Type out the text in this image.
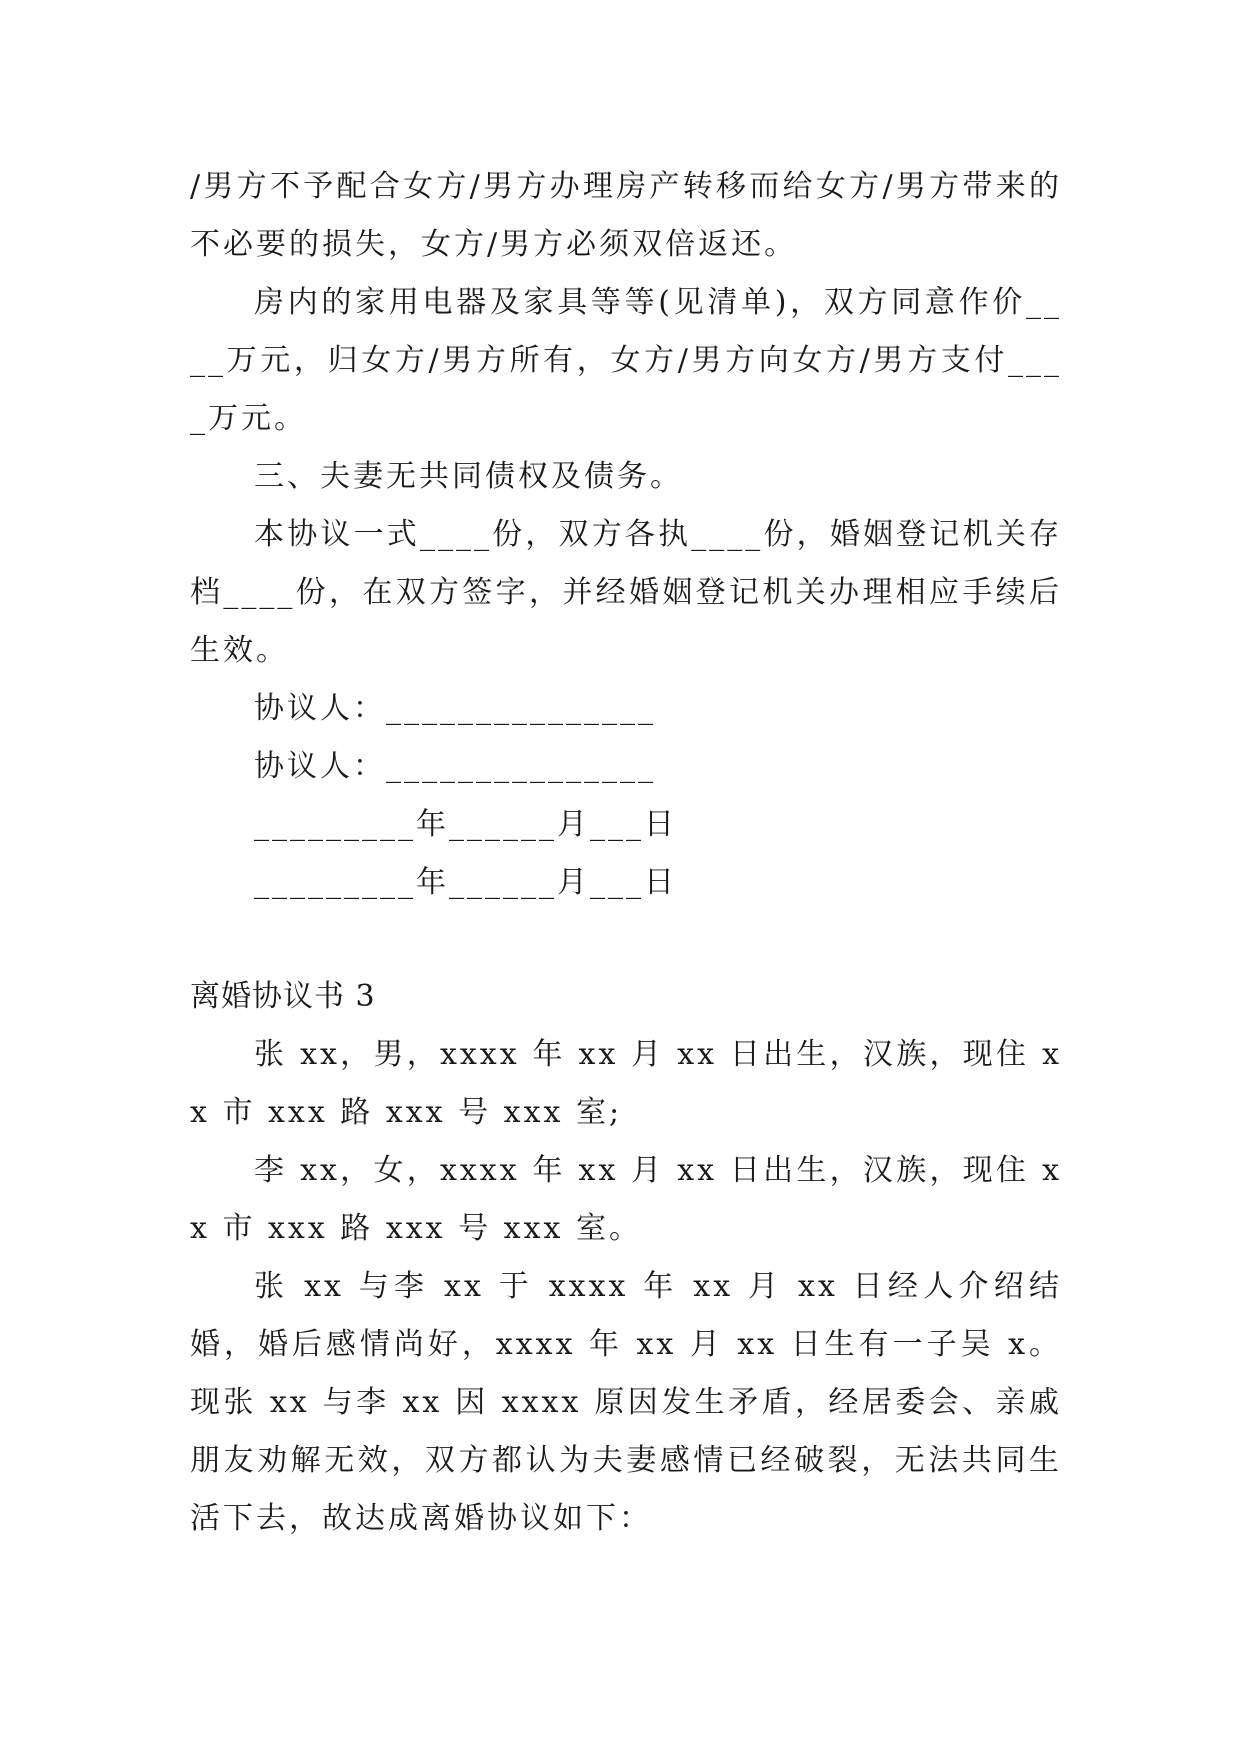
/男方不予配合女方/男方办理房产转移而给女方/男方带来的不必要的损失，女方/男方必须双倍返还。

房内的家用电器及家具等等(见清单)，双方同意作价____万元，归女方/男方所有，女方/男方向女方/男方支付____万元。

三、夫妻无共同债权及债务。

本协议一式____份，双方各执____份，婚姻登记机关存档____份，在双方签字，并经婚姻登记机关办理相应手续后生效。

协议人：_______________

协议人：_______________

_________年______月___日

_________年______月___日

离婚协议书 3

张 xx，男，xxxx 年 xx 月 xx 日出生，汉族，现住 xx 市 xxx 路 xxx 号 xxx 室;

李 xx，女，xxxx 年 xx 月 xx 日出生，汉族，现住 xx 市 xxx 路 xxx 号 xxx 室。

张 xx 与李 xx 于 xxxx 年 xx 月 xx 日经人介绍结婚，婚后感情尚好，xxxx 年 xx 月 xx 日生有一子吴 x。现张 xx 与李 xx 因 xxxx 原因发生矛盾，经居委会、亲戚朋友劝解无效，双方都认为夫妻感情已经破裂，无法共同生活下去，故达成离婚协议如下：
